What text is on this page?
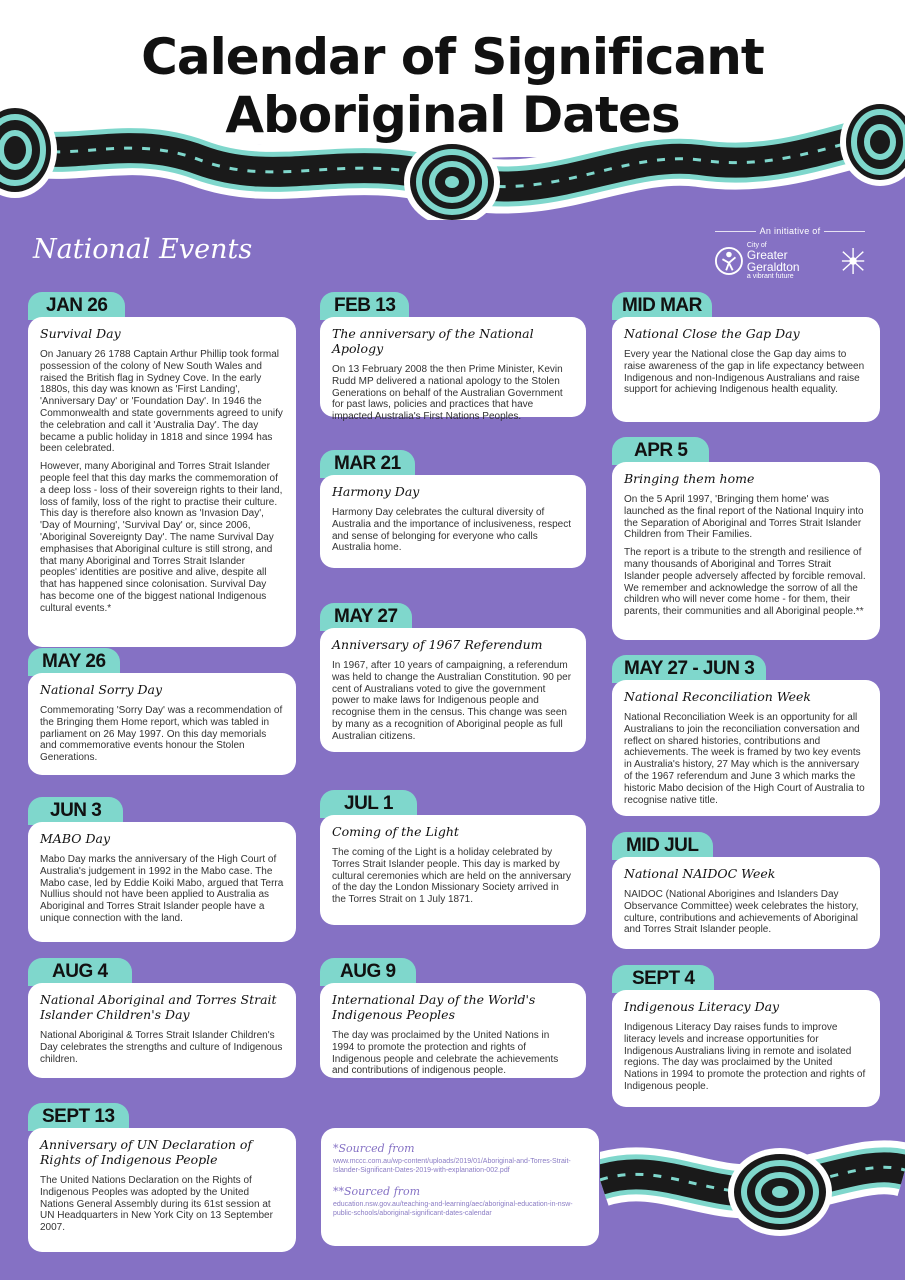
Calendar of Significant Aboriginal Dates
National Events
An initiative of
City of
Greater Geraldton
a vibrant future
JAN 26
Survival Day

On January 26 1788 Captain Arthur Phillip took formal possession of the colony of New South Wales and raised the British flag in Sydney Cove. In the early 1880s, this day was known as 'First Landing', 'Anniversary Day' or 'Foundation Day'. In 1946 the Commonwealth and state governments agreed to unify the celebration and call it 'Australia Day'. The day became a public holiday in 1818 and since 1994 has been celebrated.

However, many Aboriginal and Torres Strait Islander people feel that this day marks the commemoration of a deep loss - loss of their sovereign rights to their land, loss of family, loss of the right to practise their culture. This day is therefore also known as 'Invasion Day', 'Day of Mourning', 'Survival Day' or, since 2006, 'Aboriginal Sovereignty Day'. The name Survival Day emphasises that Aboriginal culture is still strong, and that many Aboriginal and Torres Strait Islander peoples' identities are positive and alive, despite all that has happened since colonisation. Survival Day has become one of the biggest national Indigenous cultural events.*

FEB 13
The anniversary of the National Apology

On 13 February 2008 the then Prime Minister, Kevin Rudd MP delivered a national apology to the Stolen Generations on behalf of the Australian Government for past laws, policies and practices that have impacted Australia's First Nations Peoples.

MID MAR
National Close the Gap Day

Every year the National close the Gap day aims to raise awareness of the gap in life expectancy between Indigenous and non-Indigenous Australians and raise support for achieving Indigenous health equality.

MAR 21
Harmony Day

Harmony Day celebrates the cultural diversity of Australia and the importance of inclusiveness, respect and sense of belonging for everyone who calls Australia home.

APR 5
Bringing them home

On the 5 April 1997, 'Bringing them home' was launched as the final report of the National Inquiry into the Separation of Aboriginal and Torres Strait Islander Children from Their Families.

The report is a tribute to the strength and resilience of many thousands of Aboriginal and Torres Strait Islander people adversely affected by forcible removal. We remember and acknowledge the sorrow of all the children who will never come home - for them, their parents, their communities and all Aboriginal people.**

MAY 27
Anniversary of 1967 Referendum

In 1967, after 10 years of campaigning, a referendum was held to change the Australian Constitution. 90 per cent of Australians voted to give the government power to make laws for Indigenous people and recognise them in the census. This change was seen by many as a recognition of Aboriginal people as full Australian citizens.

MAY 26
National Sorry Day

Commemorating 'Sorry Day' was a recommendation of the Bringing them Home report, which was tabled in parliament on 26 May 1997. On this day memorials and commemorative events honour the Stolen Generations.

MAY 27 - JUN 3
National Reconciliation Week

National Reconciliation Week is an opportunity for all Australians to join the reconciliation conversation and reflect on shared histories, contributions and achievements. The week is framed by two key events in Australia's history, 27 May which is the anniversary of the 1967 referendum and June 3 which marks the historic Mabo decision of the High Court of Australia to recognise native title.

JUN 3
MABO Day

Mabo Day marks the anniversary of the High Court of Australia's judgement in 1992 in the Mabo case. The Mabo case, led by Eddie Koiki Mabo, argued that Terra Nullius should not have been applied to Australia as Aboriginal and Torres Strait Islander people have a unique connection with the land.

JUL 1
Coming of the Light

The coming of the Light is a holiday celebrated by Torres Strait Islander people. This day is marked by cultural ceremonies which are held on the anniversary of the day the London Missionary Society arrived in the Torres Strait on 1 July 1871.

MID JUL
National NAIDOC Week

NAIDOC (National Aborigines and Islanders Day Observance Committee) week celebrates the history, culture, contributions and achievements of Aboriginal and Torres Strait Islander people.

AUG 4
National Aboriginal and Torres Strait Islander Children's Day

National Aboriginal & Torres Strait Islander Children's Day celebrates the strengths and culture of Indigenous children.

AUG 9
International Day of the World's Indigenous Peoples

The day was proclaimed by the United Nations in 1994 to promote the protection and rights of Indigenous people and celebrate the achievements and contributions of indigenous people.

SEPT 4
Indigenous Literacy Day

Indigenous Literacy Day raises funds to improve literacy levels and increase opportunities for Indigenous Australians living in remote and isolated regions. The day was proclaimed by the United Nations in 1994 to promote the protection and rights of Indigenous people.

SEPT 13
Anniversary of UN Declaration of Rights of Indigenous People

The United Nations Declaration on the Rights of Indigenous Peoples was adopted by the United Nations General Assembly during its 61st session at UN Headquarters in New York City on 13 September 2007.

*Sourced from
www.mccc.com.au/wp-content/uploads/2019/01/Aboriginal-and-Torres-Strait-Islander-Significant-Dates-2019-with-explanation-002.pdf
**Sourced from
education.nsw.gov.au/teaching-and-learning/aec/aboriginal-education-in-nsw-public-schools/aboriginal-significant-dates-calendar
